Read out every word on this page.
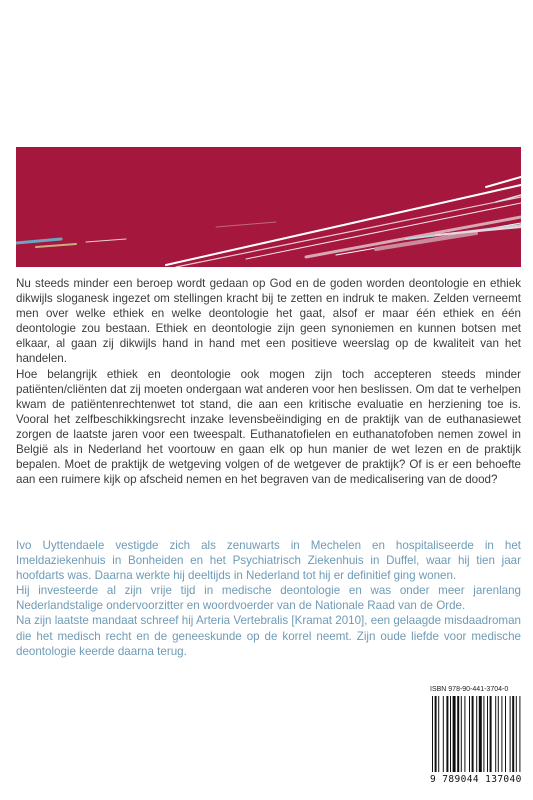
Nu steeds minder een beroep wordt gedaan op God en de goden worden deontologie en ethiek dikwijls sloganesk ingezet om stellingen kracht bij te zetten en indruk te maken. Zelden verneemt men over welke ethiek en welke deontologie het gaat, alsof er maar één ethiek en één deontologie zou bestaan. Ethiek en deontologie zijn geen synoniemen en kunnen botsen met elkaar, al gaan zij dikwijls hand in hand met een positieve weerslag op de kwaliteit van het handelen.

Hoe belangrijk ethiek en deontologie ook mogen zijn toch accepteren steeds minder patiënten/cliënten dat zij moeten ondergaan wat anderen voor hen beslissen. Om dat te verhelpen kwam de patiëntenrechtenwet tot stand, die aan een kritische evaluatie en herziening toe is. Vooral het zelfbeschikkingsrecht inzake levensbeëindiging en de praktijk van de euthanasiewet zorgen de laatste jaren voor een tweespalt. Euthanatofielen en euthanatofoben nemen zowel in België als in Nederland het voortouw en gaan elk op hun manier de wet lezen en de praktijk bepalen. Moet de praktijk de wetgeving volgen of de wetgever de praktijk? Of is er een behoefte aan een ruimere kijk op afscheid nemen en het begraven van de medicalisering van de dood?

Ivo Uyttendaele vestigde zich als zenuwarts in Mechelen en hospitaliseerde in het Imeldaziekenhuis in Bonheiden en het Psychiatrisch Ziekenhuis in Duffel, waar hij tien jaar hoofdarts was. Daarna werkte hij deeltijds in Nederland tot hij er definitief ging wonen.

Hij investeerde al zijn vrije tijd in medische deontologie en was onder meer jarenlang Nederlandstalige ondervoorzitter en woordvoerder van de Nationale Raad van de Orde.

Na zijn laatste mandaat schreef hij Arteria Vertebralis [Kramat 2010], een gelaagde misdaadroman die het medisch recht en de geneeskunde op de korrel neemt. Zijn oude liefde voor medische deontologie keerde daarna terug.

ISBN 978-90-441-3704-0
9 789044 137040
